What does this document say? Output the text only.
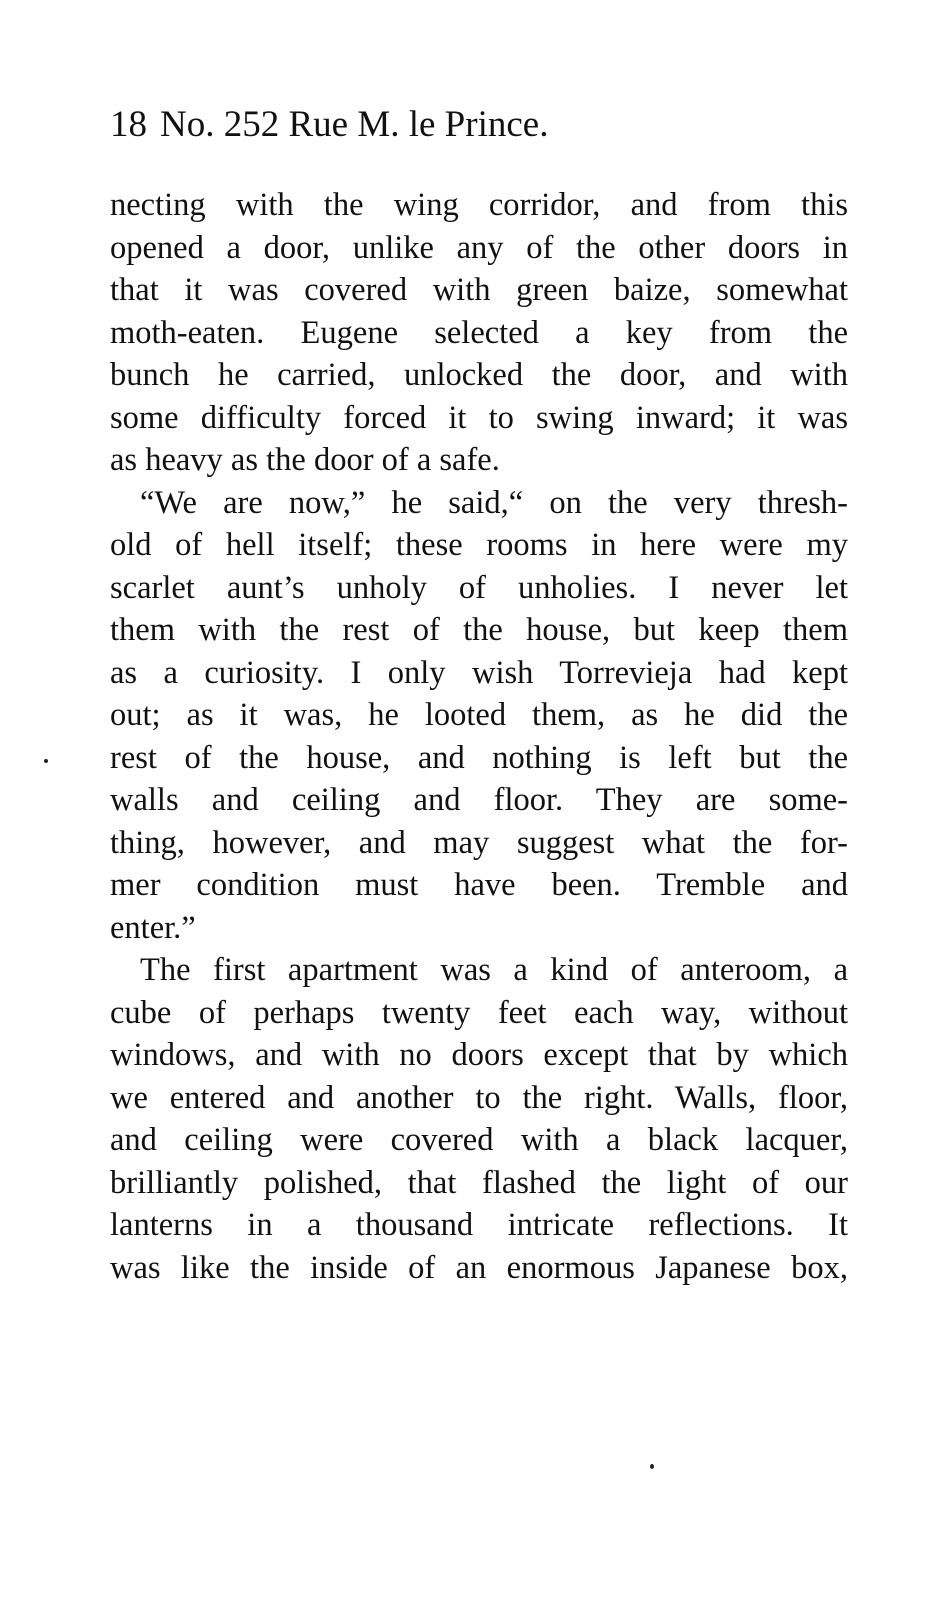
18 No. 252 Rue M. le Prince.
necting with the wing corridor, and from this
opened a door, unlike any of the other doors in
that it was covered with green baize, somewhat
moth-eaten. Eugene selected a key from the
bunch he carried, unlocked the door, and with
some difficulty forced it to swing inward; it was
as heavy as the door of a safe.
“We are now,” he said,“ on the very thresh-
old of hell itself; these rooms in here were my
scarlet aunt’s unholy of unholies. I never let
them with the rest of the house, but keep them
as a curiosity. I only wish Torrevieja had kept
out; as it was, he looted them, as he did the
rest of the house, and nothing is left but the
walls and ceiling and floor. They are some-
thing, however, and may suggest what the for-
mer condition must have been. Tremble and
enter.”
The first apartment was a kind of anteroom, a
cube of perhaps twenty feet each way, without
windows, and with no doors except that by which
we entered and another to the right. Walls, floor,
and ceiling were covered with a black lacquer,
brilliantly polished, that flashed the light of our
lanterns in a thousand intricate reflections. It
was like the inside of an enormous Japanese box,
